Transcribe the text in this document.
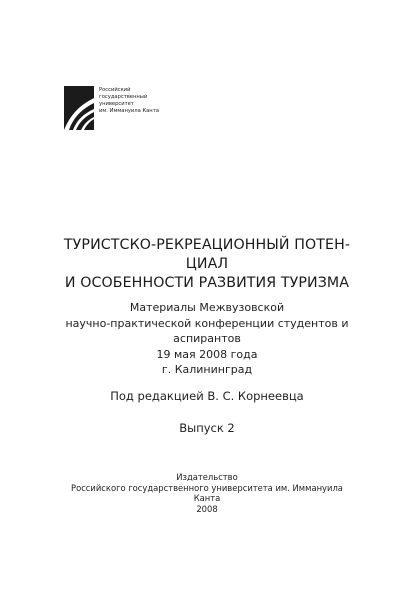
Российский
государственный
университет
им. Иммануила Канта
ТУРИСТСКО-РЕКРЕАЦИОННЫЙ ПОТЕН-
ЦИАЛ
И ОСОБЕННОСТИ РАЗВИТИЯ ТУРИЗМА
Материалы Межвузовской
научно-практической конференции студентов и
аспирантов
19 мая 2008 года
г. Калининград
Под редакцией В. С. Корнеевца
Выпуск 2
Издательство
Российского государственного университета им. Иммануила
Канта
2008
